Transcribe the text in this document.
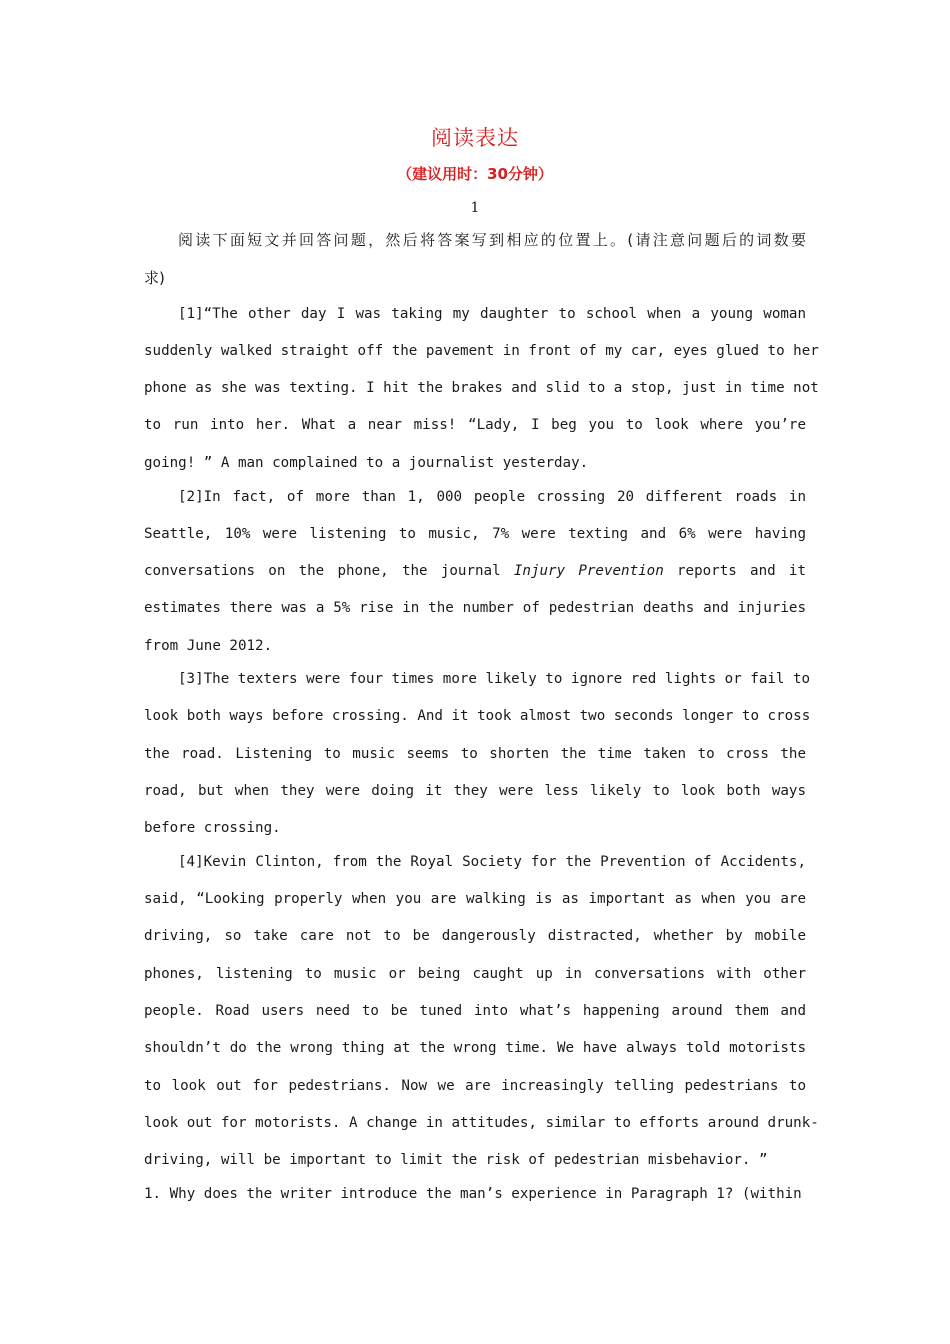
阅读表达
（建议用时：30分钟）
1
阅读下面短文并回答问题，然后将答案写到相应的位置上。(请注意问题后的词数要
求)
[1]“The other day I was taking my daughter to school when a young woman
suddenly walked straight off the pavement in front of my car, eyes glued to her
phone as she was texting. I hit the brakes and slid to a stop, just in time not
to run into her. What a near miss! “Lady, I beg you to look where you’re
going! ” A man complained to a journalist yesterday.
[2]In fact, of more than 1, 000 people crossing 20 different roads in
Seattle, 10% were listening to music, 7% were texting and 6% were having
conversations on the phone, the journal Injury Prevention reports and it
estimates there was a 5% rise in the number of pedestrian deaths and injuries
from June 2012.
[3]The texters were four times more likely to ignore red lights or fail to
look both ways before crossing. And it took almost two seconds longer to cross
the road. Listening to music seems to shorten the time taken to cross the
road, but when they were doing it they were less likely to look both ways
before crossing.
[4]Kevin Clinton, from the Royal Society for the Prevention of Accidents,
said, “Looking properly when you are walking is as important as when you are
driving, so take care not to be dangerously distracted, whether by mobile
phones, listening to music or being caught up in conversations with other
people. Road users need to be tuned into what’s happening around them and
shouldn’t do the wrong thing at the wrong time. We have always told motorists
to look out for pedestrians. Now we are increasingly telling pedestrians to
look out for motorists. A change in attitudes, similar to efforts around drunk-
driving, will be important to limit the risk of pedestrian misbehavior. ”
1. Why does the writer introduce the man’s experience in Paragraph 1? (within
